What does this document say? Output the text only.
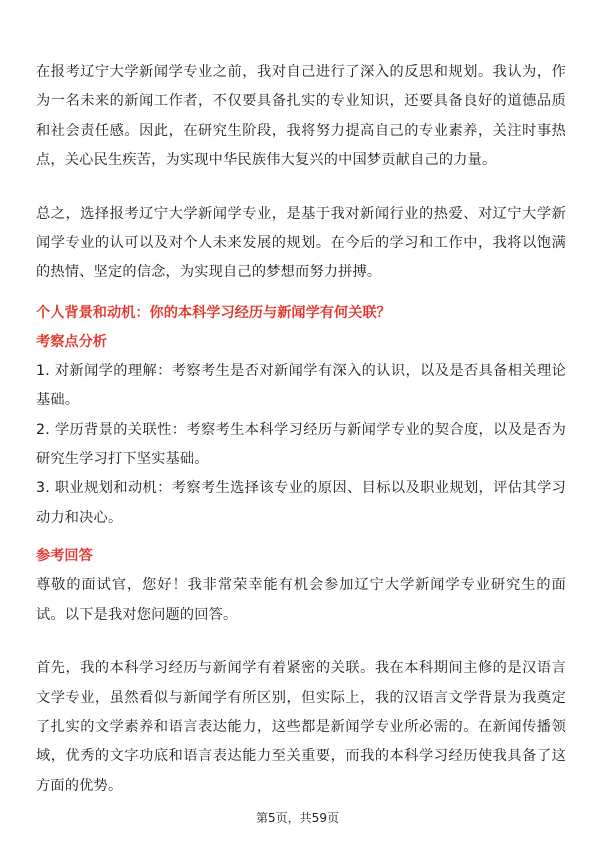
在报考辽宁大学新闻学专业之前，我对自己进行了深入的反思和规划。我认为，作为一名未来的新闻工作者，不仅要具备扎实的专业知识，还要具备良好的道德品质和社会责任感。因此，在研究生阶段，我将努力提高自己的专业素养，关注时事热点，关心民生疾苦，为实现中华民族伟大复兴的中国梦贡献自己的力量。

总之，选择报考辽宁大学新闻学专业，是基于我对新闻行业的热爱、对辽宁大学新闻学专业的认可以及对个人未来发展的规划。在今后的学习和工作中，我将以饱满的热情、坚定的信念，为实现自己的梦想而努力拼搏。

个人背景和动机：你的本科学习经历与新闻学有何关联？
考察点分析

1. 对新闻学的理解：考察考生是否对新闻学有深入的认识，以及是否具备相关理论基础。

2. 学历背景的关联性：考察考生本科学习经历与新闻学专业的契合度，以及是否为研究生学习打下坚实基础。

3. 职业规划和动机：考察考生选择该专业的原因、目标以及职业规划，评估其学习动力和决心。

参考回答

尊敬的面试官，您好！我非常荣幸能有机会参加辽宁大学新闻学专业研究生的面试。以下是我对您问题的回答。

首先，我的本科学习经历与新闻学有着紧密的关联。我在本科期间主修的是汉语言文学专业，虽然看似与新闻学有所区别，但实际上，我的汉语言文学背景为我奠定了扎实的文学素养和语言表达能力，这些都是新闻学专业所必需的。在新闻传播领域，优秀的文字功底和语言表达能力至关重要，而我的本科学习经历使我具备了这方面的优势。

第5页，共59页
